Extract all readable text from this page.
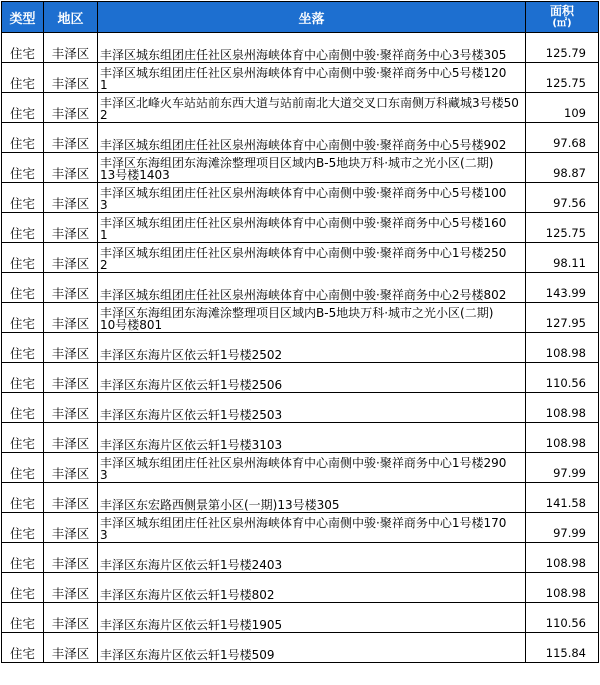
类型	地区	坐落	面积
(㎡)

住宅	丰泽区	丰泽区城东组团庄任社区泉州海峡体育中心南侧中骏·聚祥商务中心3号楼305	125.79
住宅	丰泽区	丰泽区城东组团庄任社区泉州海峡体育中心南侧中骏·聚祥商务中心5号楼120
1	125.75
住宅	丰泽区	丰泽区北峰火车站站前东西大道与站前南北大道交叉口东南侧万科藏城3号楼50
2	109
住宅	丰泽区	丰泽区城东组团庄任社区泉州海峡体育中心南侧中骏·聚祥商务中心5号楼902	97.68
住宅	丰泽区	丰泽区东海组团东海滩涂整理项目区域内B-5地块万科·城市之光小区(二期)
13号楼1403	98.87
住宅	丰泽区	丰泽区城东组团庄任社区泉州海峡体育中心南侧中骏·聚祥商务中心5号楼100
3	97.56
住宅	丰泽区	丰泽区城东组团庄任社区泉州海峡体育中心南侧中骏·聚祥商务中心5号楼160
1	125.75
住宅	丰泽区	丰泽区城东组团庄任社区泉州海峡体育中心南侧中骏·聚祥商务中心1号楼250
2	98.11
住宅	丰泽区	丰泽区城东组团庄任社区泉州海峡体育中心南侧中骏·聚祥商务中心2号楼802	143.99
住宅	丰泽区	丰泽区东海组团东海滩涂整理项目区域内B-5地块万科·城市之光小区(二期)
10号楼801	127.95
住宅	丰泽区	丰泽区东海片区依云轩1号楼2502	108.98
住宅	丰泽区	丰泽区东海片区依云轩1号楼2506	110.56
住宅	丰泽区	丰泽区东海片区依云轩1号楼2503	108.98
住宅	丰泽区	丰泽区东海片区依云轩1号楼3103	108.98
住宅	丰泽区	丰泽区城东组团庄任社区泉州海峡体育中心南侧中骏·聚祥商务中心1号楼290
3	97.99
住宅	丰泽区	丰泽区东宏路西侧景第小区(一期)13号楼305	141.58
住宅	丰泽区	丰泽区城东组团庄任社区泉州海峡体育中心南侧中骏·聚祥商务中心1号楼170
3	97.99
住宅	丰泽区	丰泽区东海片区依云轩1号楼2403	108.98
住宅	丰泽区	丰泽区东海片区依云轩1号楼802	108.98
住宅	丰泽区	丰泽区东海片区依云轩1号楼1905	110.56
住宅	丰泽区	丰泽区东海片区依云轩1号楼509	115.84
